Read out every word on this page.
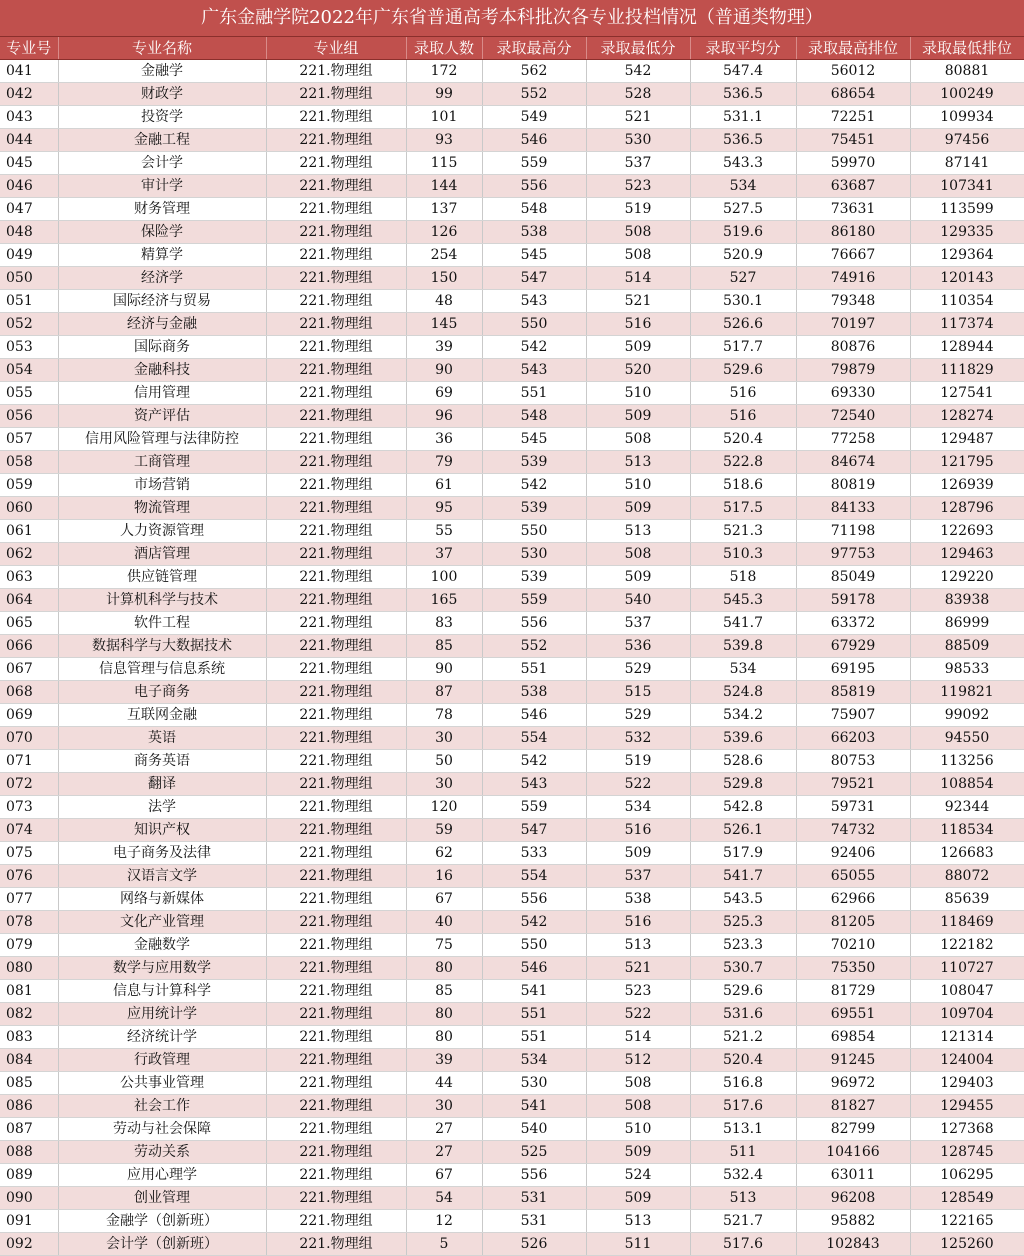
广东金融学院2022年广东省普通高考本科批次各专业投档情况（普通类物理）
专业号	专业名称	专业组	录取人数	录取最高分	录取最低分	录取平均分	录取最高排位	录取最低排位
041	金融学	221.物理组	172	562	542	547.4	56012	80881
042	财政学	221.物理组	99	552	528	536.5	68654	100249
043	投资学	221.物理组	101	549	521	531.1	72251	109934
044	金融工程	221.物理组	93	546	530	536.5	75451	97456
045	会计学	221.物理组	115	559	537	543.3	59970	87141
046	审计学	221.物理组	144	556	523	534	63687	107341
047	财务管理	221.物理组	137	548	519	527.5	73631	113599
048	保险学	221.物理组	126	538	508	519.6	86180	129335
049	精算学	221.物理组	254	545	508	520.9	76667	129364
050	经济学	221.物理组	150	547	514	527	74916	120143
051	国际经济与贸易	221.物理组	48	543	521	530.1	79348	110354
052	经济与金融	221.物理组	145	550	516	526.6	70197	117374
053	国际商务	221.物理组	39	542	509	517.7	80876	128944
054	金融科技	221.物理组	90	543	520	529.6	79879	111829
055	信用管理	221.物理组	69	551	510	516	69330	127541
056	资产评估	221.物理组	96	548	509	516	72540	128274
057	信用风险管理与法律防控	221.物理组	36	545	508	520.4	77258	129487
058	工商管理	221.物理组	79	539	513	522.8	84674	121795
059	市场营销	221.物理组	61	542	510	518.6	80819	126939
060	物流管理	221.物理组	95	539	509	517.5	84133	128796
061	人力资源管理	221.物理组	55	550	513	521.3	71198	122693
062	酒店管理	221.物理组	37	530	508	510.3	97753	129463
063	供应链管理	221.物理组	100	539	509	518	85049	129220
064	计算机科学与技术	221.物理组	165	559	540	545.3	59178	83938
065	软件工程	221.物理组	83	556	537	541.7	63372	86999
066	数据科学与大数据技术	221.物理组	85	552	536	539.8	67929	88509
067	信息管理与信息系统	221.物理组	90	551	529	534	69195	98533
068	电子商务	221.物理组	87	538	515	524.8	85819	119821
069	互联网金融	221.物理组	78	546	529	534.2	75907	99092
070	英语	221.物理组	30	554	532	539.6	66203	94550
071	商务英语	221.物理组	50	542	519	528.6	80753	113256
072	翻译	221.物理组	30	543	522	529.8	79521	108854
073	法学	221.物理组	120	559	534	542.8	59731	92344
074	知识产权	221.物理组	59	547	516	526.1	74732	118534
075	电子商务及法律	221.物理组	62	533	509	517.9	92406	126683
076	汉语言文学	221.物理组	16	554	537	541.7	65055	88072
077	网络与新媒体	221.物理组	67	556	538	543.5	62966	85639
078	文化产业管理	221.物理组	40	542	516	525.3	81205	118469
079	金融数学	221.物理组	75	550	513	523.3	70210	122182
080	数学与应用数学	221.物理组	80	546	521	530.7	75350	110727
081	信息与计算科学	221.物理组	85	541	523	529.6	81729	108047
082	应用统计学	221.物理组	80	551	522	531.6	69551	109704
083	经济统计学	221.物理组	80	551	514	521.2	69854	121314
084	行政管理	221.物理组	39	534	512	520.4	91245	124004
085	公共事业管理	221.物理组	44	530	508	516.8	96972	129403
086	社会工作	221.物理组	30	541	508	517.6	81827	129455
087	劳动与社会保障	221.物理组	27	540	510	513.1	82799	127368
088	劳动关系	221.物理组	27	525	509	511	104166	128745
089	应用心理学	221.物理组	67	556	524	532.4	63011	106295
090	创业管理	221.物理组	54	531	509	513	96208	128549
091	金融学（创新班）	221.物理组	12	531	513	521.7	95882	122165
092	会计学（创新班）	221.物理组	5	526	511	517.6	102843	125260
